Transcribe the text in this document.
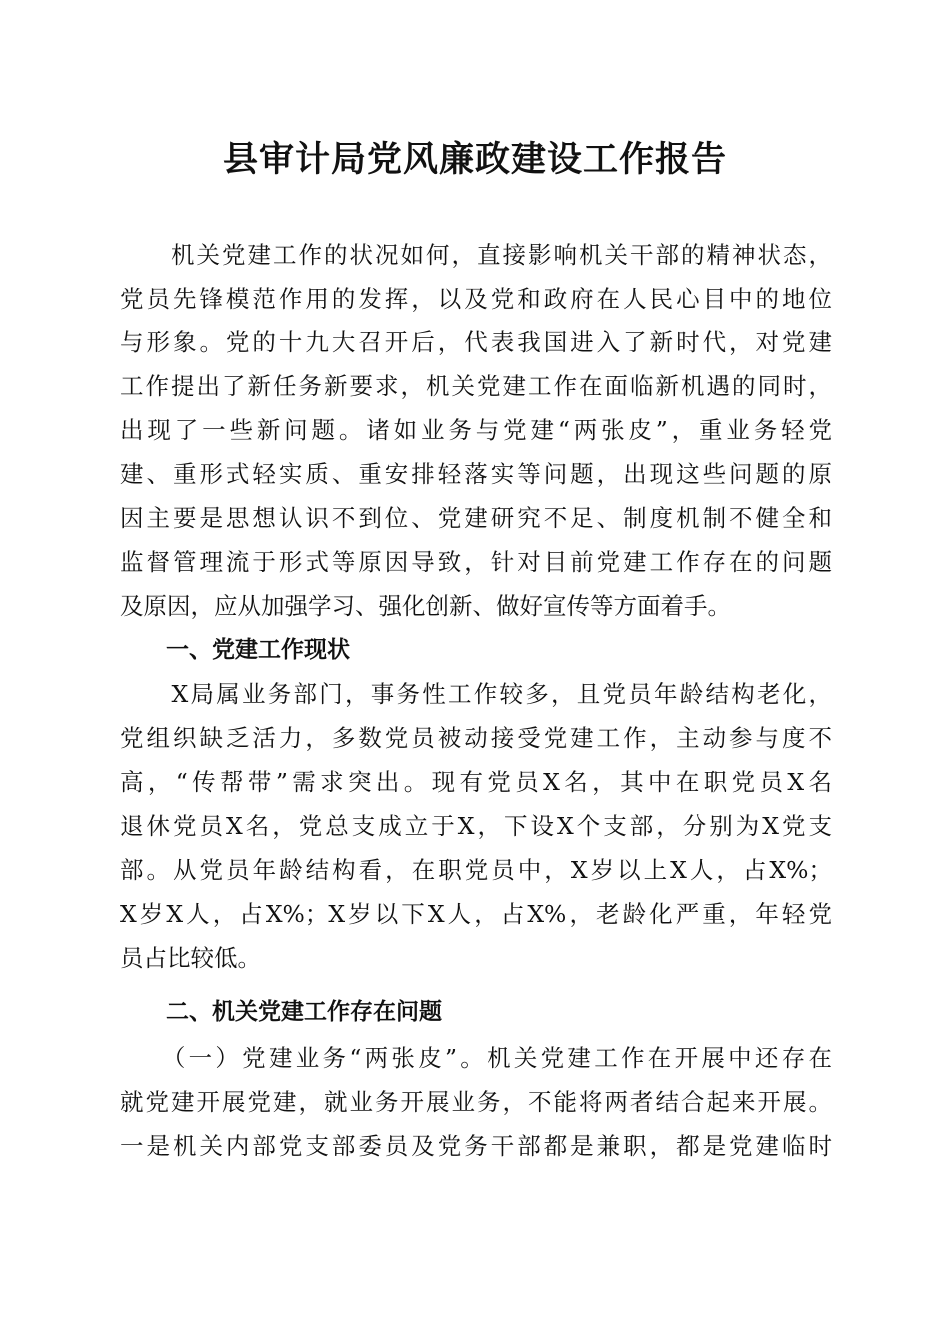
县审计局党风廉政建设工作报告

　　机关党建工作的状况如何，直接影响机关干部的精神状态，

党员先锋模范作用的发挥，以及党和政府在人民心目中的地位

与形象。党的十九大召开后，代表我国进入了新时代，对党建

工作提出了新任务新要求，机关党建工作在面临新机遇的同时，

出现了一些新问题。诸如业务与党建“两张皮”，重业务轻党

建、重形式轻实质、重安排轻落实等问题，出现这些问题的原

因主要是思想认识不到位、党建研究不足、制度机制不健全和

监督管理流于形式等原因导致，针对目前党建工作存在的问题

及原因，应从加强学习、强化创新、做好宣传等方面着手。

　　一、党建工作现状

　　X局属业务部门，事务性工作较多，且党员年龄结构老化，

党组织缺乏活力，多数党员被动接受党建工作，主动参与度不

高，“传帮带”需求突出。现有党员X名，其中在职党员X名

退休党员X名，党总支成立于X，下设X个支部，分别为X党支

部。从党员年龄结构看，在职党员中，X岁以上X人，占X%；

X岁X人，占X%；X岁以下X人，占X%，老龄化严重，年轻党

员占比较低。

　　二、机关党建工作存在问题

　　（一）党建业务“两张皮”。机关党建工作在开展中还存在

就党建开展党建，就业务开展业务，不能将两者结合起来开展。

一是机关内部党支部委员及党务干部都是兼职，都是党建临时
